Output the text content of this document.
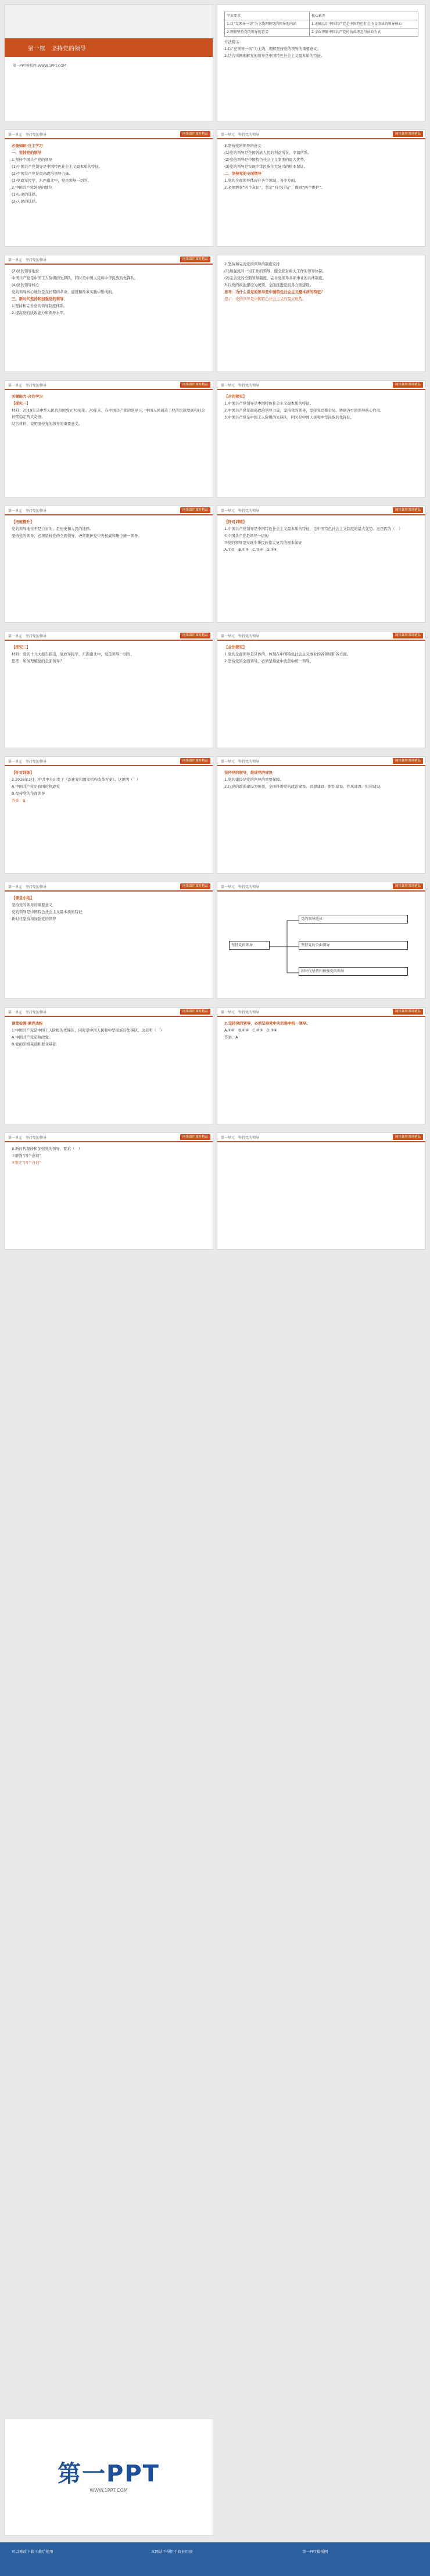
第一框　坚持党的领导
第一PPT模板网-WWW.1PPT.COM
学业要求	核心素养
1.以“党领导一切”为主线理解党的领导的内涵	1.正确认识中国共产党是中国特色社会主义事业的领导核心
2.理解坚持党的领导的意义	2.全面理解中国共产党的执政理念与执政方式

方法提示：

1.以“党领导一切”为主线，理解坚持党的领导的重要意义。

2.结合实例理解党的领导是中国特色社会主义最本质的特征。

第一单元　坚持党的领导	网络课件课时精品

必备知识·自主学习

一、坚持党的领导

1.坚持中国共产党的领导

(1)中国共产党领导是中国特色社会主义最本质的特征。

(2)中国共产党是最高政治领导力量。

(3)党政军民学，东西南北中，党是领导一切的。

2.中国共产党领导的地位

(1)历史的选择。

(2)人民的选择。

第一单元　坚持党的领导	网络课件课时精品

3.坚持党的领导的意义

(1)党的领导是全国各族人民的利益所在、幸福所系。

(2)党的领导是中国特色社会主义制度的最大优势。

(3)党的领导是实现中华民族伟大复兴的根本保证。

二、坚持党的全面领导

1.党的全面领导体现在各个领域、各个方面。

2.必须增强“四个意识”，坚定“四个自信”，做到“两个维护”。

第一单元　坚持党的领导	网络课件课时精品

(3)党的领导地位

中国共产党是中国工人阶级的先锋队，同时是中国人民和中华民族的先锋队。

(4)党的领导核心

党的领导核心地位是在长期的革命、建设和改革实践中形成的。

三、新时代坚持和加强党的领导

1.坚持和完善党的领导制度体系。

2.提高党的执政能力和领导水平。

2.坚持和完善党的领导的制度安排

(1)加强党对一切工作的领导，健全党对重大工作的领导体制。

(2)完善党的全面领导制度，完善党领导各项事业的具体制度。

3.以党的政治建设为统领，全面推进党的各方面建设。

思考：为什么说党的领导是中国特色社会主义最本质的特征？

提示：党的领导是中国特色社会主义的最大优势。

第一单元　坚持党的领导	网络课件课时精品

关键能力·合作学习

【探究一】

材料：2019年是中华人民共和国成立70周年。70年来，在中国共产党的领导下，中国人民创造了经济快速发展和社会长期稳定两大奇迹。

结合材料，说明坚持党的领导的重要意义。

第一单元　坚持党的领导	网络课件课时精品

【合作探究】

1.中国共产党领导是中国特色社会主义最本质的特征。

2.中国共产党是最高政治领导力量，坚持党的领导，发挥党总揽全局、协调各方的领导核心作用。

3.中国共产党是中国工人阶级的先锋队，同时是中国人民和中华民族的先锋队。

第一单元　坚持党的领导	网络课件课时精品

【拓展提升】

党的领导地位不是自封的，是历史和人民的选择。

坚持党的领导，必须坚持党的全面领导，必须维护党中央权威和集中统一领导。

第一单元　坚持党的领导	网络课件课时精品

【针对训练】

1.中国共产党领导是中国特色社会主义最本质的特征，是中国特色社会主义制度的最大优势。这是因为（　）

①中国共产党是领导一切的

②党的领导是实现中华民族伟大复兴的根本保证

A.①②　B.①③　C.②④　D.③④

第一单元　坚持党的领导	网络课件课时精品

【探究二】

材料：党的十九大报告指出，党政军民学，东西南北中，党是领导一切的。

思考：如何理解党的全面领导？

第一单元　坚持党的领导	网络课件课时精品

【合作探究】

1.党的全面领导是具体的，体现在中国特色社会主义事业的各领域和各方面。

2.坚持党的全面领导，必须坚持党中央集中统一领导。

第一单元　坚持党的领导	网络课件课时精品

【针对训练】

2.2018年3月，中共中央印发了《深化党和国家机构改革方案》。这说明（　）

A.中国共产党是我国的执政党

B.坚持党的全面领导

答案：B

第一单元　坚持党的领导	网络课件课时精品

坚持党的领导，推进党的建设

1.党的建设是党的领导的重要保障。

2.以党的政治建设为统领，全面推进党的政治建设、思想建设、组织建设、作风建设、纪律建设。

第一单元　坚持党的领导	网络课件课时精品

【课堂小结】

坚持党的领导的重要意义

党的领导是中国特色社会主义最本质的特征

新时代坚持和加强党的领导

第一单元　坚持党的领导	网络课件课时精品
坚持党的领导
党的领导地位
坚持党的全面领导
新时代坚持和加强党的领导
第一单元　坚持党的领导	网络课件课时精品

课堂检测·素养达标

1.中国共产党是中国工人阶级的先锋队，同时是中国人民和中华民族的先锋队。这表明（　）

A.中国共产党是执政党

B.党的阶级基础和群众基础

第一单元　坚持党的领导	网络课件课时精品

2.坚持党的领导，必须坚持党中央的集中统一领导。

A.①②　B.①④　C.②③　D.③④

答案：A

第一单元　坚持党的领导	网络课件课时精品

3.新时代坚持和加强党的领导，要求（　）

①增强“四个意识”

②坚定“四个自信”

第一单元　坚持党的领导	网络课件课时精品

第一PPT
WWW.1PPT.COM
可以修改下载下载后使用	本网站不得用于商业用途	第一PPT模板网
